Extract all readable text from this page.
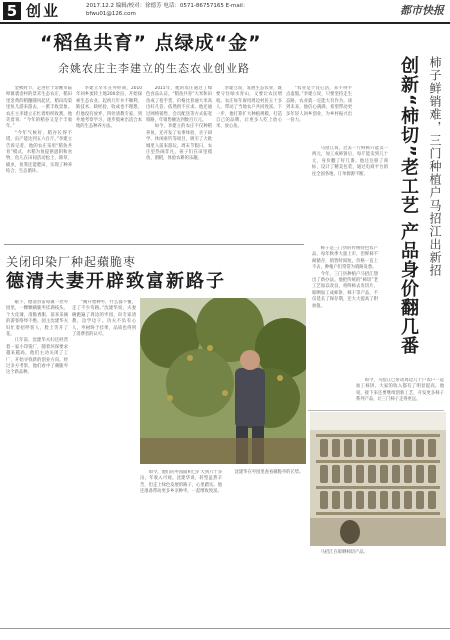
5 创业	2017.12.2 编辑/校对：徐德芳 电话：0571-86757165 E-mail：bfwu01@126.com	都市快报
“稻鱼共育” 点绿成“金”
余姚农庄主李建立的生态农业创业路

金秋时节，走进位于余姚市陆埠镇裘岙村的景禾生态农庄，稻田里金黄的稻穗随风起伏，稻田沟渠里鱼儿游来游去，一派丰收景象。农庄主李建立正忙着组织收割，他笑着说：“今年的稻谷又是个丰收年。”

“今年气候好，稻谷长得不错，亩产能达到五六百斤。”李建立告诉记者，他的农庄采用“稻鱼共育”模式，水稻为鱼提供遮阴和食物，鱼儿在田间活动松土、除草、捕虫，鱼粪还能肥田，实现了种养结合、生态循环。

李建立早年在外经商，2010年回乡流转土地200余亩，开始探索生态农业。起初几年并不顺利，缺技术、缺经验，收成也不理想，但他没有放弃，四处请教专家，到外地考察学习，逐步摸索出适合本地的生态种养方法。

2015年，他的农庄通过了绿色食品认证，“稻鱼共育”大米和田鱼成了抢手货，价格比普通大米高出好几倍，依然供不应求。他还通过网络销售、会员配送等方式拓宽销路，年销售额达到数百万元。

如今，李建立的农庄不仅种稻养鱼，还开发了农事体验、亲子研学、休闲垂钓等项目，吸引了大批城里人前来游玩。周末节假日，农庄里热闹非凡，孩子们在田里摸鱼、割稻，体验农耕的乐趣。

李建立说，发展生态农业，既要守住绿水青山，又要让农民增收。农庄每年雇用周边村民五十多人，带动了当地农户共同致富。下一步，他打算扩大种植规模，打造自己的品牌，让更多人吃上放心米、放心鱼。

“农业是个良心活，来不得半点虚假。”李建立说，只要坚持走生态路，农业就一定能大有作为。谈到未来，他信心满满，希望带动更多年轻人回乡创业，为乡村振兴出一份力。	创新“柿切”老工艺 产品身价翻几番 柿子鲜销难，三门种植户马招江出新招

柿子是三门县的传统特色农产品，每年秋季大量上市，但鲜柿不耐储存，销售时间短，价格一直上不去，种植户们常常为销路发愁。

今年，三门县种植户马招江想出了新办法。他把传统的“柿切”老工艺加以改良，将鲜柿去皮切片，晾晒加工成柿饼、柿干等产品，不仅延长了保存期，还大大提高了附加值。

马招江说，过去一斤鲜柿只能卖一两元，加工成柿饼后，每斤能卖到几十元，身价翻了好几番。他还注册了商标，设计了精美包装，通过电商平台销往全国各地，订单源源不断。

如今，马招江已带动周边几十户农户一起加工柿饼，大家的收入都有了明显提高。他说，接下来还要继续创新工艺，开发更多柿子系列产品，让三门柿子走得更远。

马招江在晾晒柿切产品。
关闭印染厂种起蘋脆枣
德清夫妻开辟致富新路子

眼下，德清县雷甸镇一处枣园里，一颗颗蘋脆枣挂满枝头，个大皮薄、清脆香甜，前来采摘的游客络绎不绝。园主沈建华夫妇忙着招呼客人，脸上笑开了花。

几年前，沈建华夫妇还经营着一家小印染厂，随着环保要求越来越高，他们主动关闭了工厂，开始寻找新的创业方向。经过多方考察，他们看中了蘋脆枣这个新品种。

“刚开始种枣，什么都不懂，走了不少弯路。”沈建华说，夫妻俩跑遍了周边的枣园，向专家请教，边学边干。功夫不负有心人，枣树终于挂果，品质也得到了消费者的认可。

如今，他们的枣园面积已扩大到六十多亩，年收入可观。沈建华说，转型虽然辛苦，但走上绿色发展的路子，心里踏实。他还准备带动更多乡亲种枣，一起增收致富。

沈建华在枣园里查看蘋脆枣的长势。
